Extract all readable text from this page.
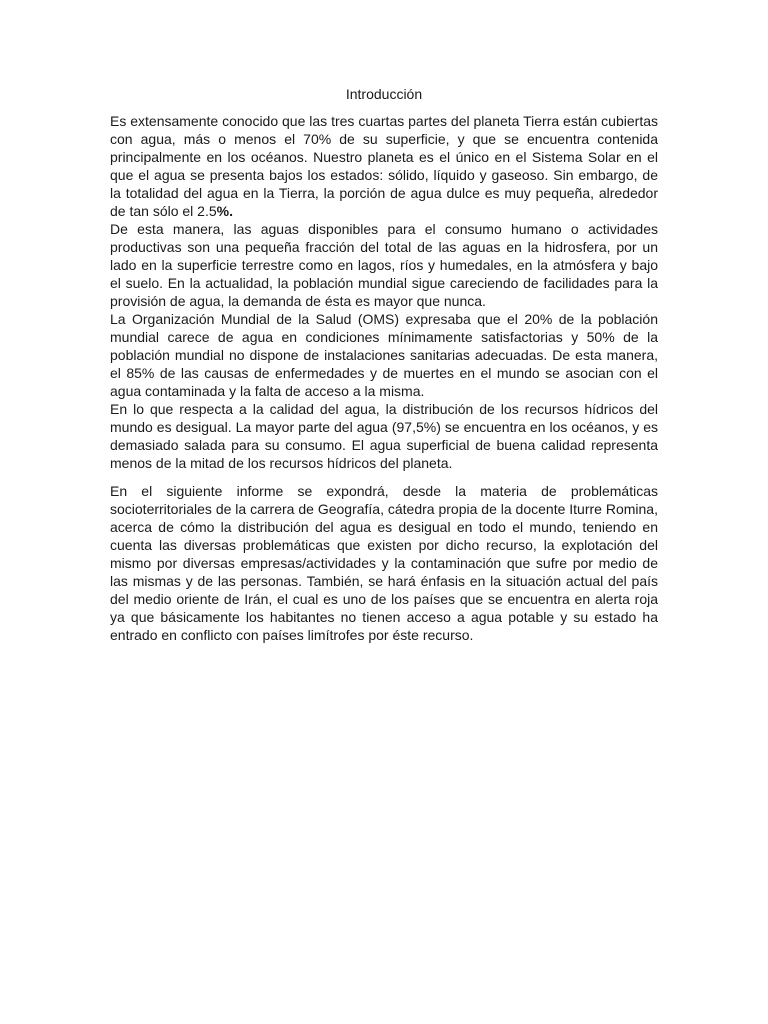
Introducción

Es extensamente conocido que las tres cuartas partes del planeta Tierra están cubiertas con agua, más o menos el 70% de su superficie, y que se encuentra contenida principalmente en los océanos. Nuestro planeta es el único en el Sistema Solar en el que el agua se presenta bajos los estados: sólido, líquido y gaseoso. Sin embargo, de la totalidad del agua en la Tierra, la porción de agua dulce es muy pequeña, alrededor de tan sólo el 2.5%.

De esta manera, las aguas disponibles para el consumo humano o actividades productivas son una pequeña fracción del total de las aguas en la hidrosfera, por un lado en la superficie terrestre como en lagos, ríos y humedales, en la atmósfera y bajo el suelo. En la actualidad, la población mundial sigue careciendo de facilidades para la provisión de agua, la demanda de ésta es mayor que nunca.

La Organización Mundial de la Salud (OMS) expresaba que el 20% de la población mundial carece de agua en condiciones mínimamente satisfactorias y 50% de la población mundial no dispone de instalaciones sanitarias adecuadas. De esta manera, el 85% de las causas de enfermedades y de muertes en el mundo se asocian con el agua contaminada y la falta de acceso a la misma.

En lo que respecta a la calidad del agua, la distribución de los recursos hídricos del mundo es desigual. La mayor parte del agua (97,5%) se encuentra en los océanos, y es demasiado salada para su consumo. El agua superficial de buena calidad representa menos de la mitad de los recursos hídricos del planeta.

En el siguiente informe se expondrá, desde la materia de problemáticas socioterritoriales de la carrera de Geografía, cátedra propia de la docente Iturre Romina, acerca de cómo la distribución del agua es desigual en todo el mundo, teniendo en cuenta las diversas problemáticas que existen por dicho recurso, la explotación del mismo por diversas empresas/actividades y la contaminación que sufre por medio de las mismas y de las personas. También, se hará énfasis en la situación actual del país del medio oriente de Irán, el cual es uno de los países que se encuentra en alerta roja ya que básicamente los habitantes no tienen acceso a agua potable y su estado ha entrado en conflicto con países limítrofes por éste recurso.
